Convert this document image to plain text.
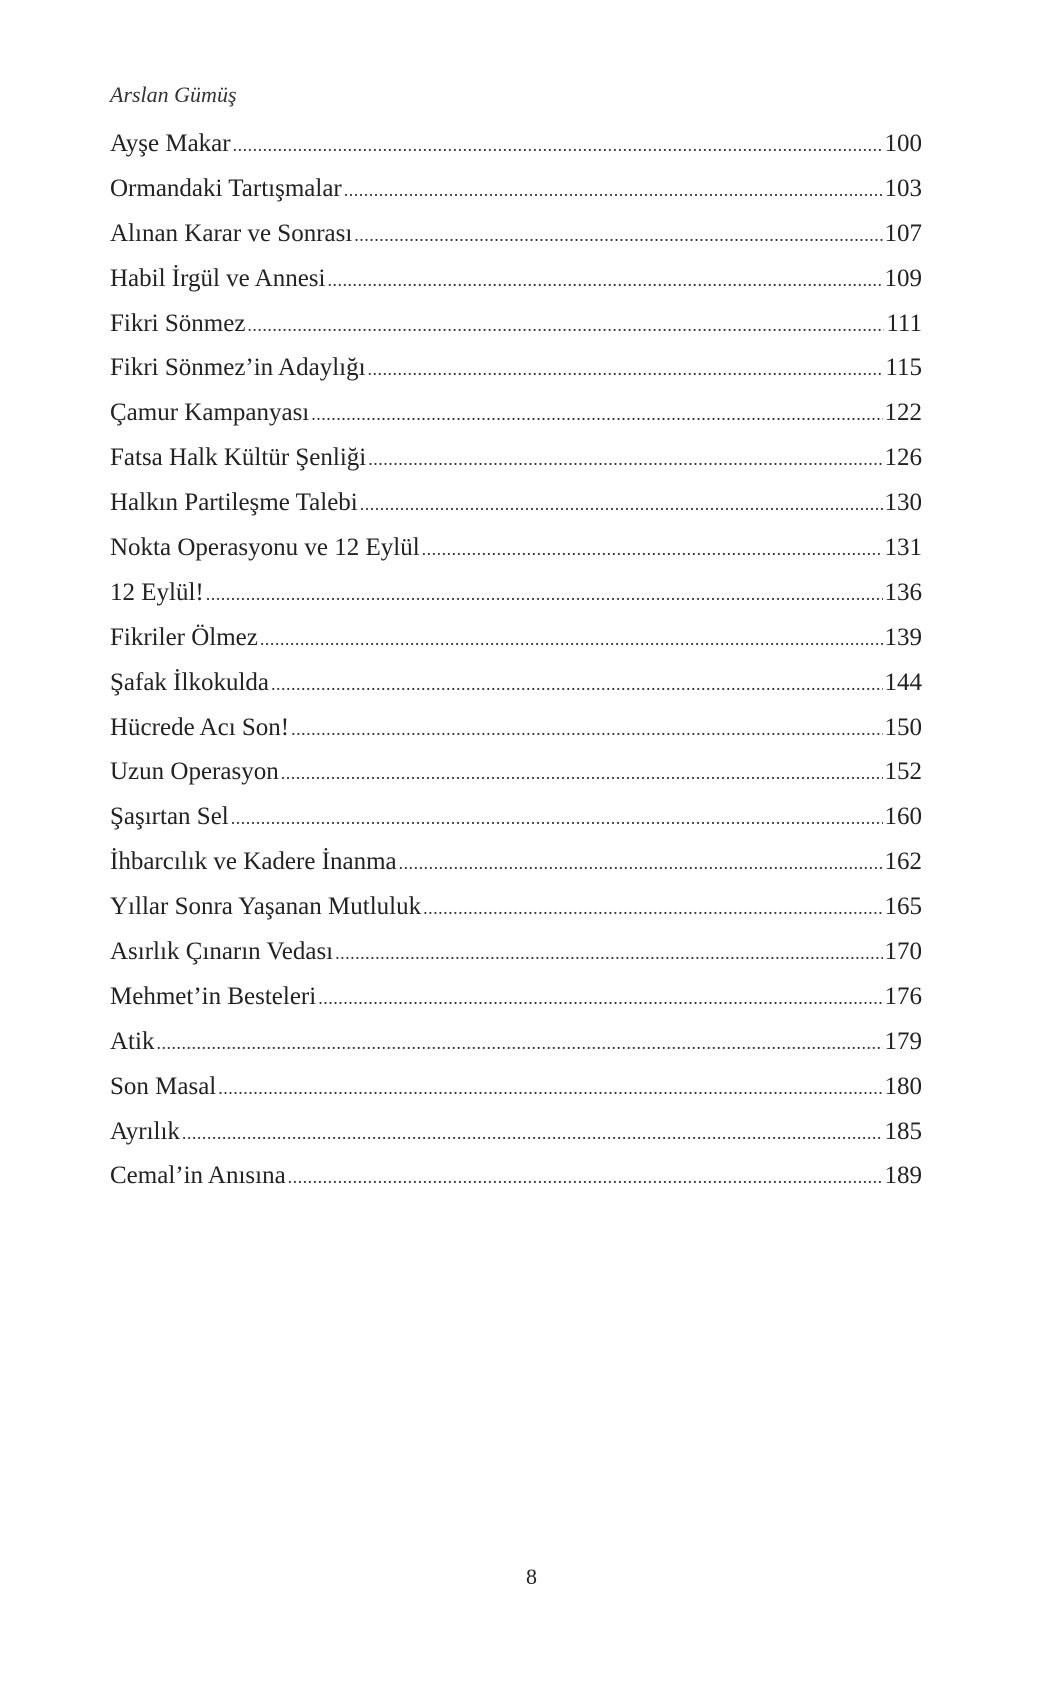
Arslan Gümüş
Ayşe Makar .....	100
Ormandaki Tartışmalar .....	103
Alınan Karar ve Sonrası .....	107
Habil İrgül ve Annesi .....	109
Fikri Sönmez .....	111
Fikri Sönmez’in Adaylığı .....	115
Çamur Kampanyası .....	122
Fatsa Halk Kültür Şenliği .....	126
Halkın Partileşme Talebi .....	130
Nokta Operasyonu ve 12 Eylül .....	131
12 Eylül! .....	136
Fikriler Ölmez .....	139
Şafak İlkokulda .....	144
Hücrede Acı Son! .....	150
Uzun Operasyon .....	152
Şaşırtan Sel .....	160
İhbarcılık ve Kadere İnanma .....	162
Yıllar Sonra Yaşanan Mutluluk .....	165
Asırlık Çınarın Vedası .....	170
Mehmet’in Besteleri .....	176
Atik .....	179
Son Masal .....	180
Ayrılık .....	185
Cemal’in Anısına .....	189
8
